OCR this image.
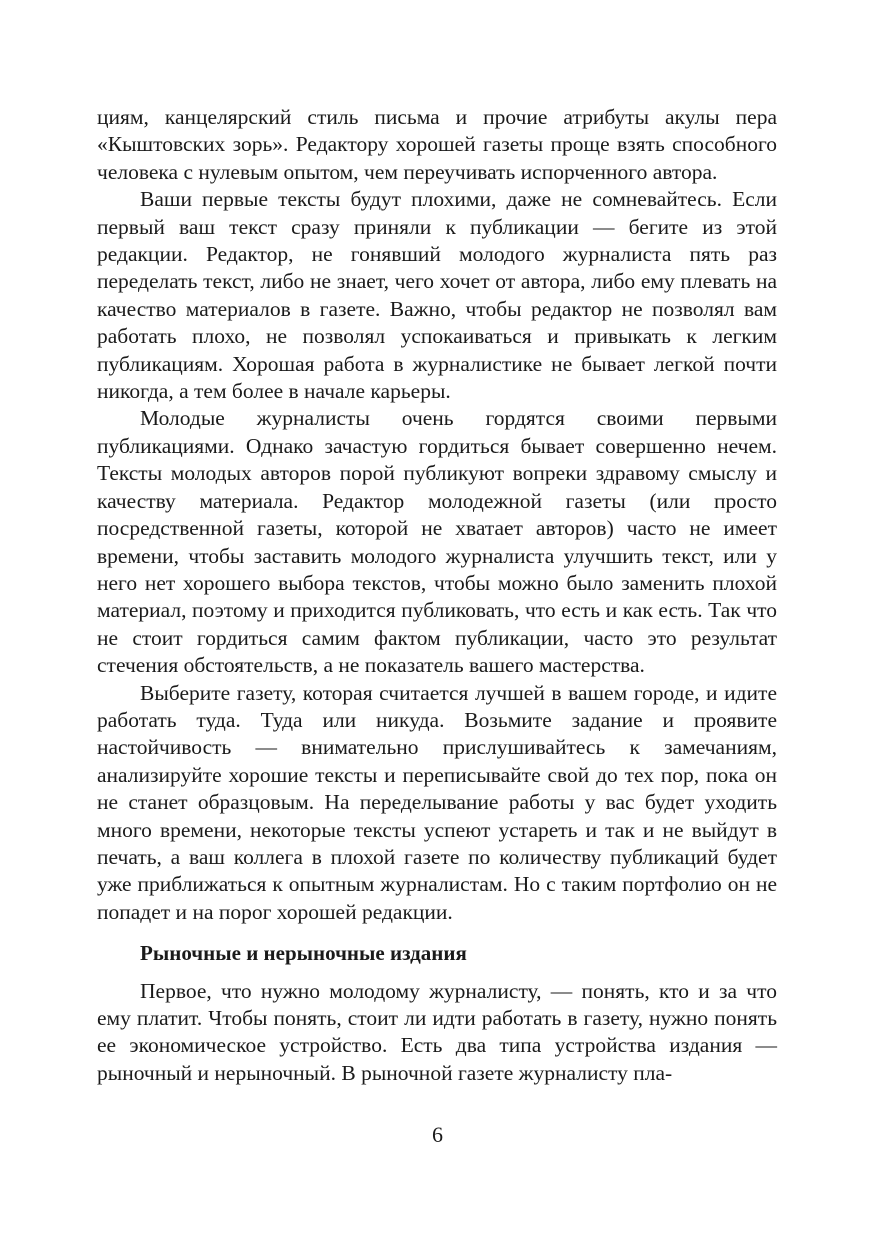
циям, канцелярский стиль письма и прочие атрибуты акулы пера «Кыштовских зорь». Редактору хорошей газеты проще взять способного человека с нулевым опытом, чем переучивать испорченного автора.

Ваши первые тексты будут плохими, даже не сомневайтесь. Если первый ваш текст сразу приняли к публикации — бегите из этой редакции. Редактор, не гонявший молодого журналиста пять раз переделать текст, либо не знает, чего хочет от автора, либо ему плевать на качество материалов в газете. Важно, чтобы редактор не позволял вам работать плохо, не позволял успокаиваться и привыкать к легким публикациям. Хорошая работа в журналистике не бывает легкой почти никогда, а тем более в начале карьеры.

Молодые журналисты очень гордятся своими первыми публикациями. Однако зачастую гордиться бывает совершенно нечем. Тексты молодых авторов порой публикуют вопреки здравому смыслу и качеству материала. Редактор молодежной газеты (или просто посредственной газеты, которой не хватает авторов) часто не имеет времени, чтобы заставить молодого журналиста улучшить текст, или у него нет хорошего выбора текстов, чтобы можно было заменить плохой материал, поэтому и приходится публиковать, что есть и как есть. Так что не стоит гордиться самим фактом публикации, часто это результат стечения обстоятельств, а не показатель вашего мастерства.

Выберите газету, которая считается лучшей в вашем городе, и идите работать туда. Туда или никуда. Возьмите задание и проявите настойчивость — внимательно прислушивайтесь к замечаниям, анализируйте хорошие тексты и переписывайте свой до тех пор, пока он не станет образцовым. На переделывание работы у вас будет уходить много времени, некоторые тексты успеют устареть и так и не выйдут в печать, а ваш коллега в плохой газете по количеству публикаций будет уже приближаться к опытным журналистам. Но с таким портфолио он не попадет и на порог хорошей редакции.

Рыночные и нерыночные издания

Первое, что нужно молодому журналисту, — понять, кто и за что ему платит. Чтобы понять, стоит ли идти работать в газету, нужно понять ее экономическое устройство. Есть два типа устройства издания — рыночный и нерыночный. В рыночной газете журналисту пла-

6
